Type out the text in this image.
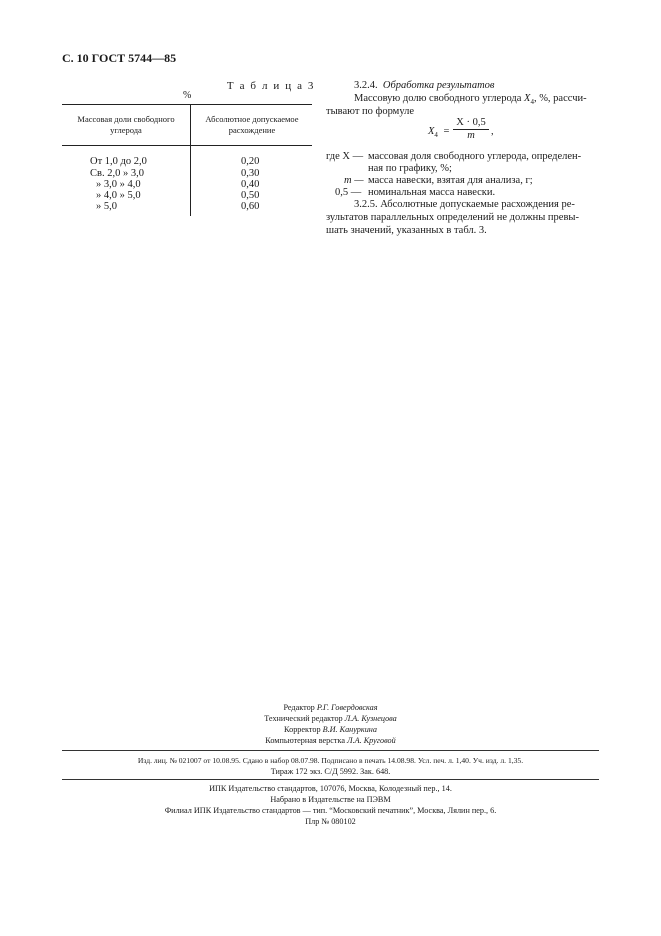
С. 10 ГОСТ 5744—85
Т а б л и ц а 3
%
Массовая доли свободного углерода
Абсолютное допускаемое расхождение
От 1,0 до 2,0	0,20
Св. 2,0 » 3,0	0,30
» 3,0 » 4,0	0,40
» 4,0 » 5,0	0,50
» 5,0	0,60
3.2.4. Обработка результатов
Массовую долю свободного углерода $X_4$, %, рассчи-
тывают по формуле
$X_4 = \frac{X \cdot 0,5}{m}$ ,
где X — массовая доля свободного углерода, определен-
ная по графику, %;
m — масса навески, взятая для анализа, г;
0,5 — номинальная масса навески.
3.2.5. Абсолютные допускаемые расхождения ре-
зультатов параллельных определений не должны превы-
шать значений, указанных в табл. 3.
Редактор Р.Г. Говердовская
Технический редактор Л.А. Кузнецова
Корректор В.И. Кануркина
Компьютерная верстка Л.А. Круговой
Изд. лиц. № 021007 от 10.08.95. Сдано в набор 08.07.98. Подписано в печать 14.08.98. Усл. печ. л. 1,40. Уч. изд. л. 1,35.
Тираж 172 экз. С/Д 5992. Зак. 648.
ИПК Издательство стандартов, 107076, Москва, Колодезный пер., 14.
Набрано в Издательстве на ПЭВМ
Филиал ИПК Издательство стандартов — тип. “Московский печатник”, Москва, Лялин пер., 6.
Плр № 080102
